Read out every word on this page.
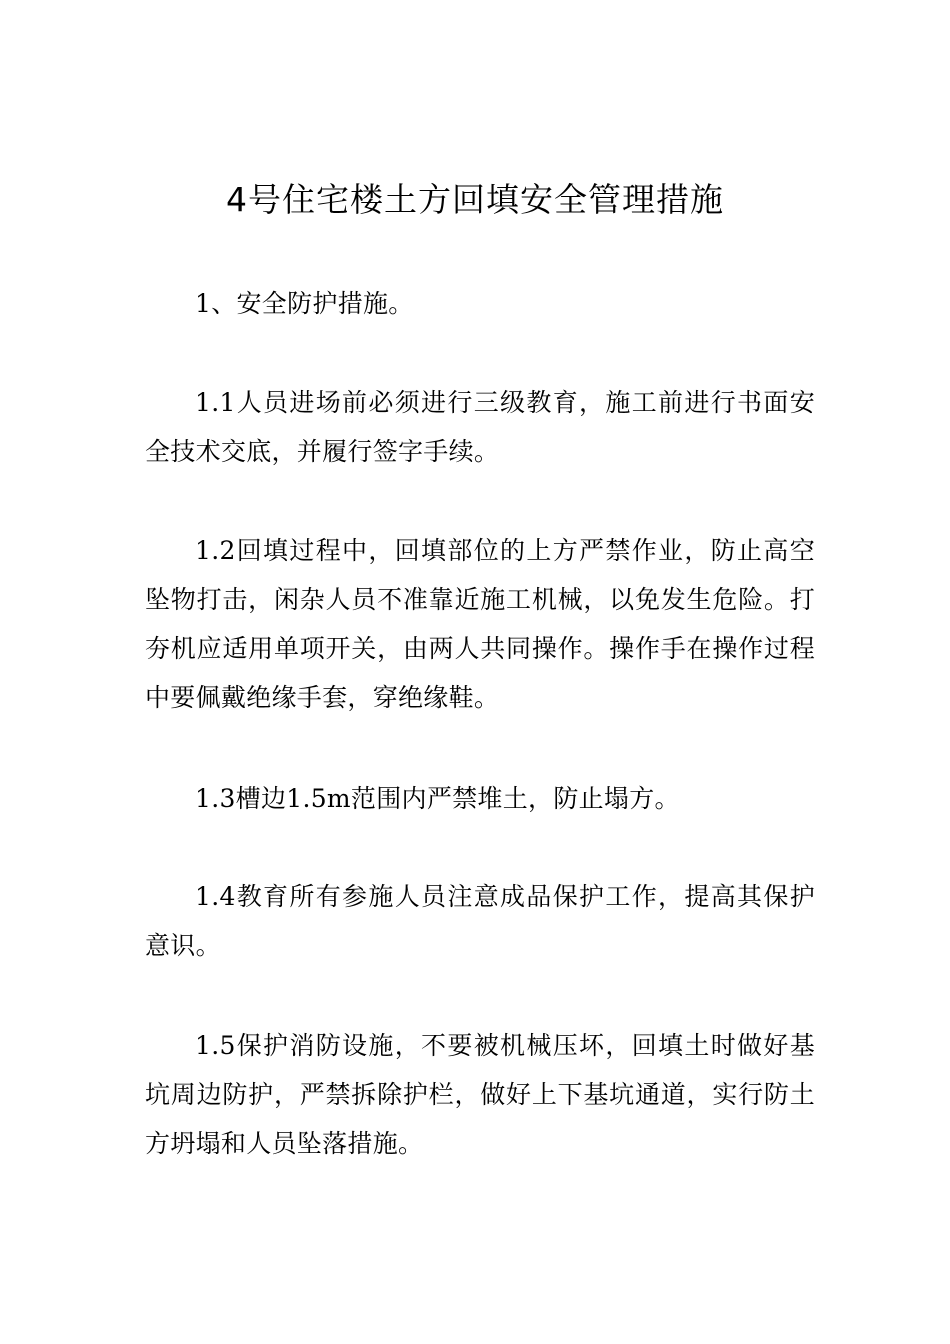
4号住宅楼土方回填安全管理措施

1、安全防护措施。

1.1人员进场前必须进行三级教育，施工前进行书面安全技术交底，并履行签字手续。

1.2回填过程中，回填部位的上方严禁作业，防止高空坠物打击，闲杂人员不准靠近施工机械，以免发生危险。打夯机应适用单项开关，由两人共同操作。操作手在操作过程中要佩戴绝缘手套，穿绝缘鞋。

1.3槽边1.5m范围内严禁堆土，防止塌方。

1.4教育所有参施人员注意成品保护工作，提高其保护意识。

1.5保护消防设施，不要被机械压坏，回填土时做好基坑周边防护，严禁拆除护栏，做好上下基坑通道，实行防土方坍塌和人员坠落措施。
